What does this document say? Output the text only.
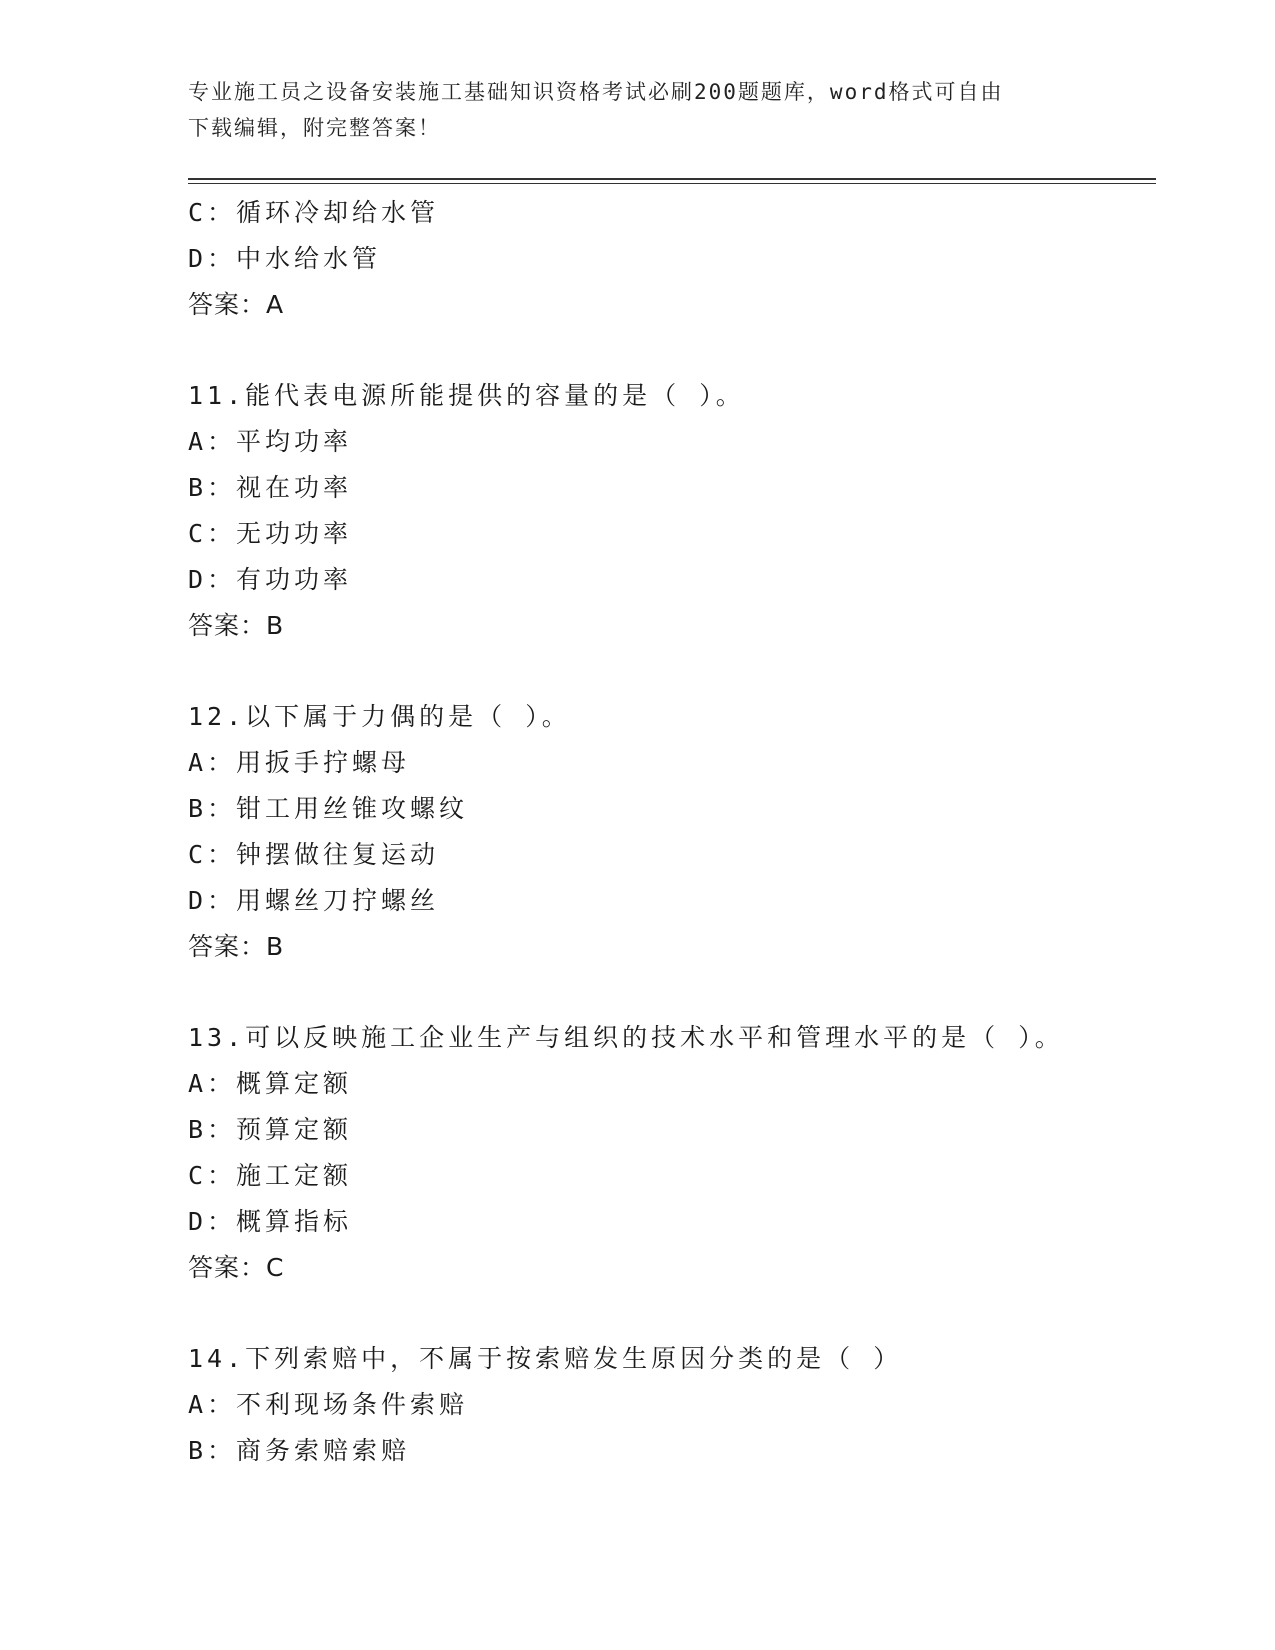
专业施工员之设备安装施工基础知识资格考试必刷200题题库，word格式可自由
下载编辑，附完整答案！
C：循环冷却给水管
D：中水给水管
答案：A
11.能代表电源所能提供的容量的是（ ）。
A：平均功率
B：视在功率
C：无功功率
D：有功功率
答案：B
12.以下属于力偶的是（ ）。
A：用扳手拧螺母
B：钳工用丝锥攻螺纹
C：钟摆做往复运动
D：用螺丝刀拧螺丝
答案：B
13.可以反映施工企业生产与组织的技术水平和管理水平的是（ ）。
A：概算定额
B：预算定额
C：施工定额
D：概算指标
答案：C
14.下列索赔中，不属于按索赔发生原因分类的是（ ）
A：不利现场条件索赔
B：商务索赔索赔
